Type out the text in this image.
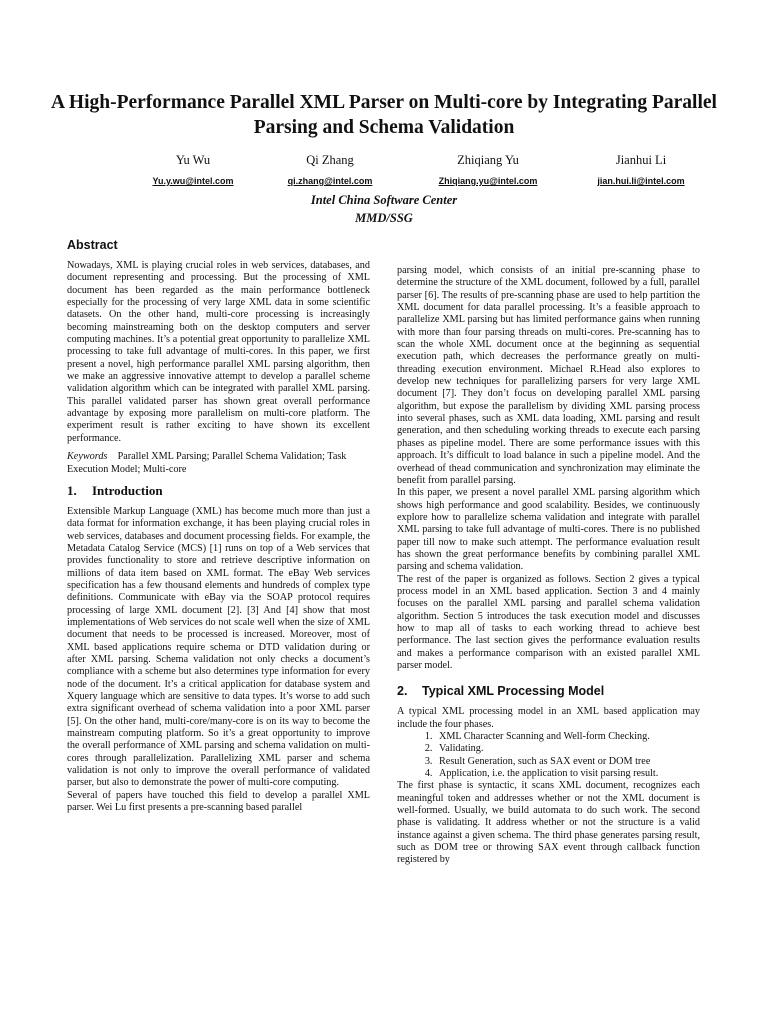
A High-Performance Parallel XML Parser on Multi-core by Integrating Parallel Parsing and Schema Validation
Yu Wu
Yu.y.wu@intel.com
Qi Zhang
qi.zhang@intel.com
Zhiqiang Yu
Zhiqiang.yu@intel.com
Jianhui Li
jian.hui.li@intel.com
Intel China Software Center
MMD/SSG
Abstract

Nowadays, XML is playing crucial roles in web services, databases, and document representing and processing. But the processing of XML document has been regarded as the main performance bottleneck especially for the processing of very large XML data in some scientific datasets. On the other hand, multi-core processing is increasingly becoming mainstreaming both on the desktop computers and server computing machines. It’s a potential great opportunity to parallelize XML processing to take full advantage of multi-cores. In this paper, we first present a novel, high performance parallel XML parsing algorithm, then we make an aggressive innovative attempt to develop a parallel scheme validation algorithm which can be integrated with parallel XML parsing. This parallel validated parser has shown great overall performance advantage by exposing more parallelism on multi-core platform. The experiment result is rather exciting to have shown its excellent performance.

Keywords Parallel XML Parsing; Parallel Schema Validation; Task Execution Model; Multi-core

1. Introduction

Extensible Markup Language (XML) has become much more than just a data format for information exchange, it has been playing crucial roles in web services, databases and document processing fields. For example, the Metadata Catalog Service (MCS) [1] runs on top of a Web services that provides functionality to store and retrieve descriptive information on millions of data item based on XML format. The eBay Web services specification has a few thousand elements and hundreds of complex type definitions. Communicate with eBay via the SOAP protocol requires processing of large XML document [2]. [3] And [4] show that most implementations of Web services do not scale well when the size of XML document that needs to be processed is increased. Moreover, most of XML based applications require schema or DTD validation during or after XML parsing. Schema validation not only checks a document’s compliance with a scheme but also determines type information for every node of the document. It’s a critical application for database system and Xquery language which are sensitive to data types. It’s worse to add such extra significant overhead of schema validation into a poor XML parser [5]. On the other hand, multi-core/many-core is on its way to become the mainstream computing platform. So it’s a great opportunity to improve the overall performance of XML parsing and schema validation on multi-cores through parallelization. Parallelizing XML parser and schema validation is not only to improve the overall performance of validated parser, but also to demonstrate the power of multi-core computing.

Several of papers have touched this field to develop a parallel XML parser. Wei Lu first presents a pre-scanning based parallel

parsing model, which consists of an initial pre-scanning phase to determine the structure of the XML document, followed by a full, parallel parser [6]. The results of pre-scanning phase are used to help partition the XML document for data parallel processing. It’s a feasible approach to parallelize XML parsing but has limited performance gains when running with more than four parsing threads on multi-cores. Pre-scanning has to scan the whole XML document once at the beginning as sequential execution path, which decreases the performance greatly on multi-threading execution environment. Michael R.Head also explores to develop new techniques for parallelizing parsers for very large XML document [7]. They don’t focus on developing parallel XML parsing algorithm, but expose the parallelism by dividing XML parsing process into several phases, such as XML data loading, XML parsing and result generation, and then scheduling working threads to execute each parsing phases as pipeline model. There are some performance issues with this approach. It’s difficult to load balance in such a pipeline model. And the overhead of thead communication and synchronization may eliminate the benefit from parallel parsing.

In this paper, we present a novel parallel XML parsing algorithm which shows high performance and good scalability. Besides, we continuously explore how to parallelize schema validation and integrate with parallel XML parsing to take full advantage of multi-cores. There is no published paper till now to make such attempt. The performance evaluation result has shown the great performance benefits by combining parallel XML parsing and schema validation.

The rest of the paper is organized as follows. Section 2 gives a typical process model in an XML based application. Section 3 and 4 mainly focuses on the parallel XML parsing and parallel schema validation algorithm. Section 5 introduces the task execution model and discusses how to map all of tasks to each working thread to achieve best performance. The last section gives the performance evaluation results and makes a performance comparison with an existed parallel XML parser model.

2. Typical XML Processing Model

A typical XML processing model in an XML based application may include the four phases.

1. XML Character Scanning and Well-form Checking.
2. Validating.
3. Result Generation, such as SAX event or DOM tree
4. Application, i.e. the application to visit parsing result.

The first phase is syntactic, it scans XML document, recognizes each meaningful token and addresses whether or not the XML document is well-formed. Usually, we build automata to do such work. The second phase is validating. It address whether or not the structure is a valid instance against a given schema. The third phase generates parsing result, such as DOM tree or throwing SAX event through callback function registered by
